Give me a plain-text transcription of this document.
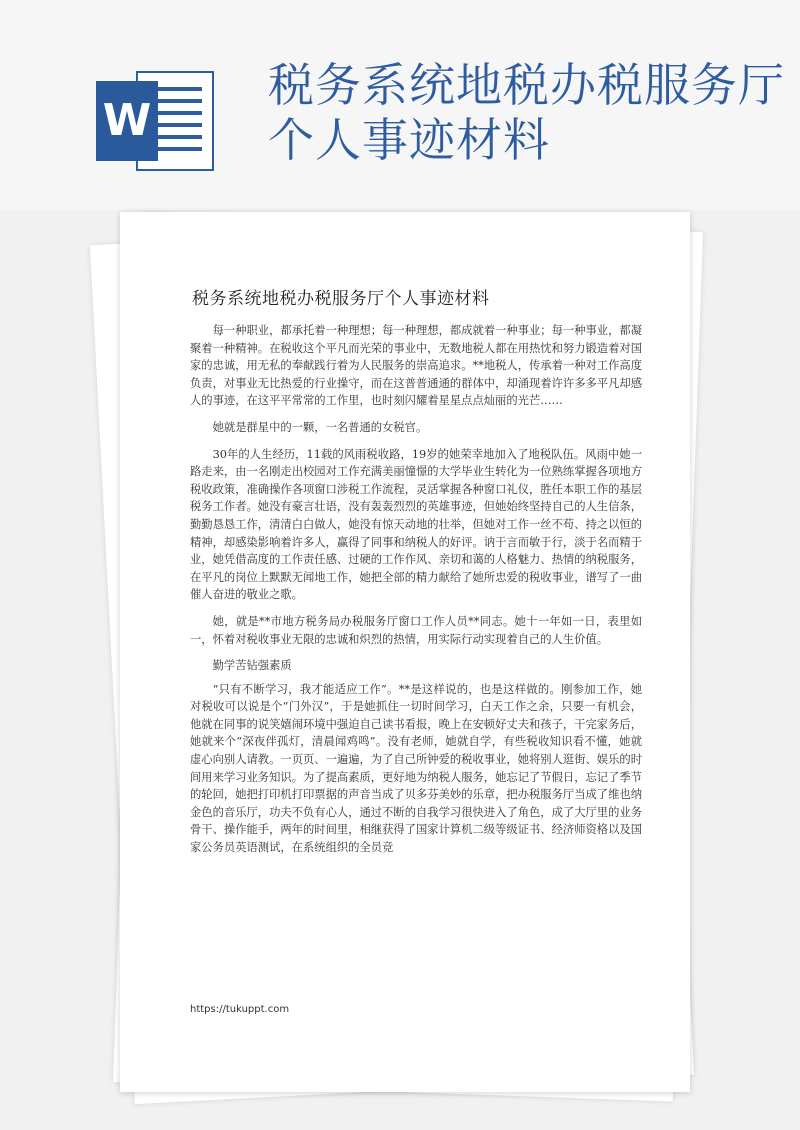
W
税务系统地税办税服务厅个人事迹材料
税务系统地税办税服务厅个人事迹材料

每一种职业，都承托着一种理想；每一种理想，都成就着一种事业；每一种事业，都凝聚着一种精神。在税收这个平凡而光荣的事业中，无数地税人都在用热忱和努力锻造着对国家的忠诚，用无私的奉献践行着为人民服务的崇高追求。**地税人，传承着一种对工作高度负责，对事业无比热爱的行业操守，而在这普普通通的群体中，却涌现着许许多多平凡却感人的事迹，在这平平常常的工作里，也时刻闪耀着星星点点灿丽的光芒……

她就是群星中的一颗，一名普通的女税官。

30年的人生经历，11载的风雨税收路，19岁的她荣幸地加入了地税队伍。风雨中她一路走来，由一名刚走出校园对工作充满美丽憧憬的大学毕业生转化为一位熟练掌握各项地方税收政策，准确操作各项窗口涉税工作流程，灵活掌握各种窗口礼仪，胜任本职工作的基层税务工作者。她没有豪言壮语，没有轰轰烈烈的英雄事迹，但她始终坚持自己的人生信条，勤勤恳恳工作，清清白白做人，她没有惊天动地的壮举，但她对工作一丝不苟、持之以恒的精神，却感染影响着许多人，赢得了同事和纳税人的好评。讷于言而敏于行，淡于名而精于业，她凭借高度的工作责任感、过硬的工作作风、亲切和蔼的人格魅力、热情的纳税服务，在平凡的岗位上默默无闻地工作，她把全部的精力献给了她所忠爱的税收事业，谱写了一曲催人奋进的敬业之歌。

她，就是**市地方税务局办税服务厅窗口工作人员**同志。她十一年如一日，表里如一，怀着对税收事业无限的忠诚和炽烈的热情，用实际行动实现着自己的人生价值。

勤学苦钻强素质

“只有不断学习，我才能适应工作”。**是这样说的，也是这样做的。刚参加工作，她对税收可以说是个“门外汉”，于是她抓住一切时间学习，白天工作之余，只要一有机会，他就在同事的说笑嬉闹环境中强迫自己读书看报，晚上在安顿好丈夫和孩子，干完家务后，她就来个“深夜伴孤灯，清晨闻鸡鸣”。没有老师，她就自学，有些税收知识看不懂，她就虚心向别人请教。一页页、一遍遍，为了自己所钟爱的税收事业，她将别人逛街、娱乐的时间用来学习业务知识。为了提高素质，更好地为纳税人服务，她忘记了节假日，忘记了季节的轮回，她把打印机打印票据的声音当成了贝多芬美妙的乐章，把办税服务厅当成了维也纳金色的音乐厅，功夫不负有心人，通过不断的自我学习很快进入了角色，成了大厅里的业务骨干、操作能手，两年的时间里，相继获得了国家计算机二级等级证书、经济师资格以及国家公务员英语测试，在系统组织的全员竞

https://tukuppt.com
